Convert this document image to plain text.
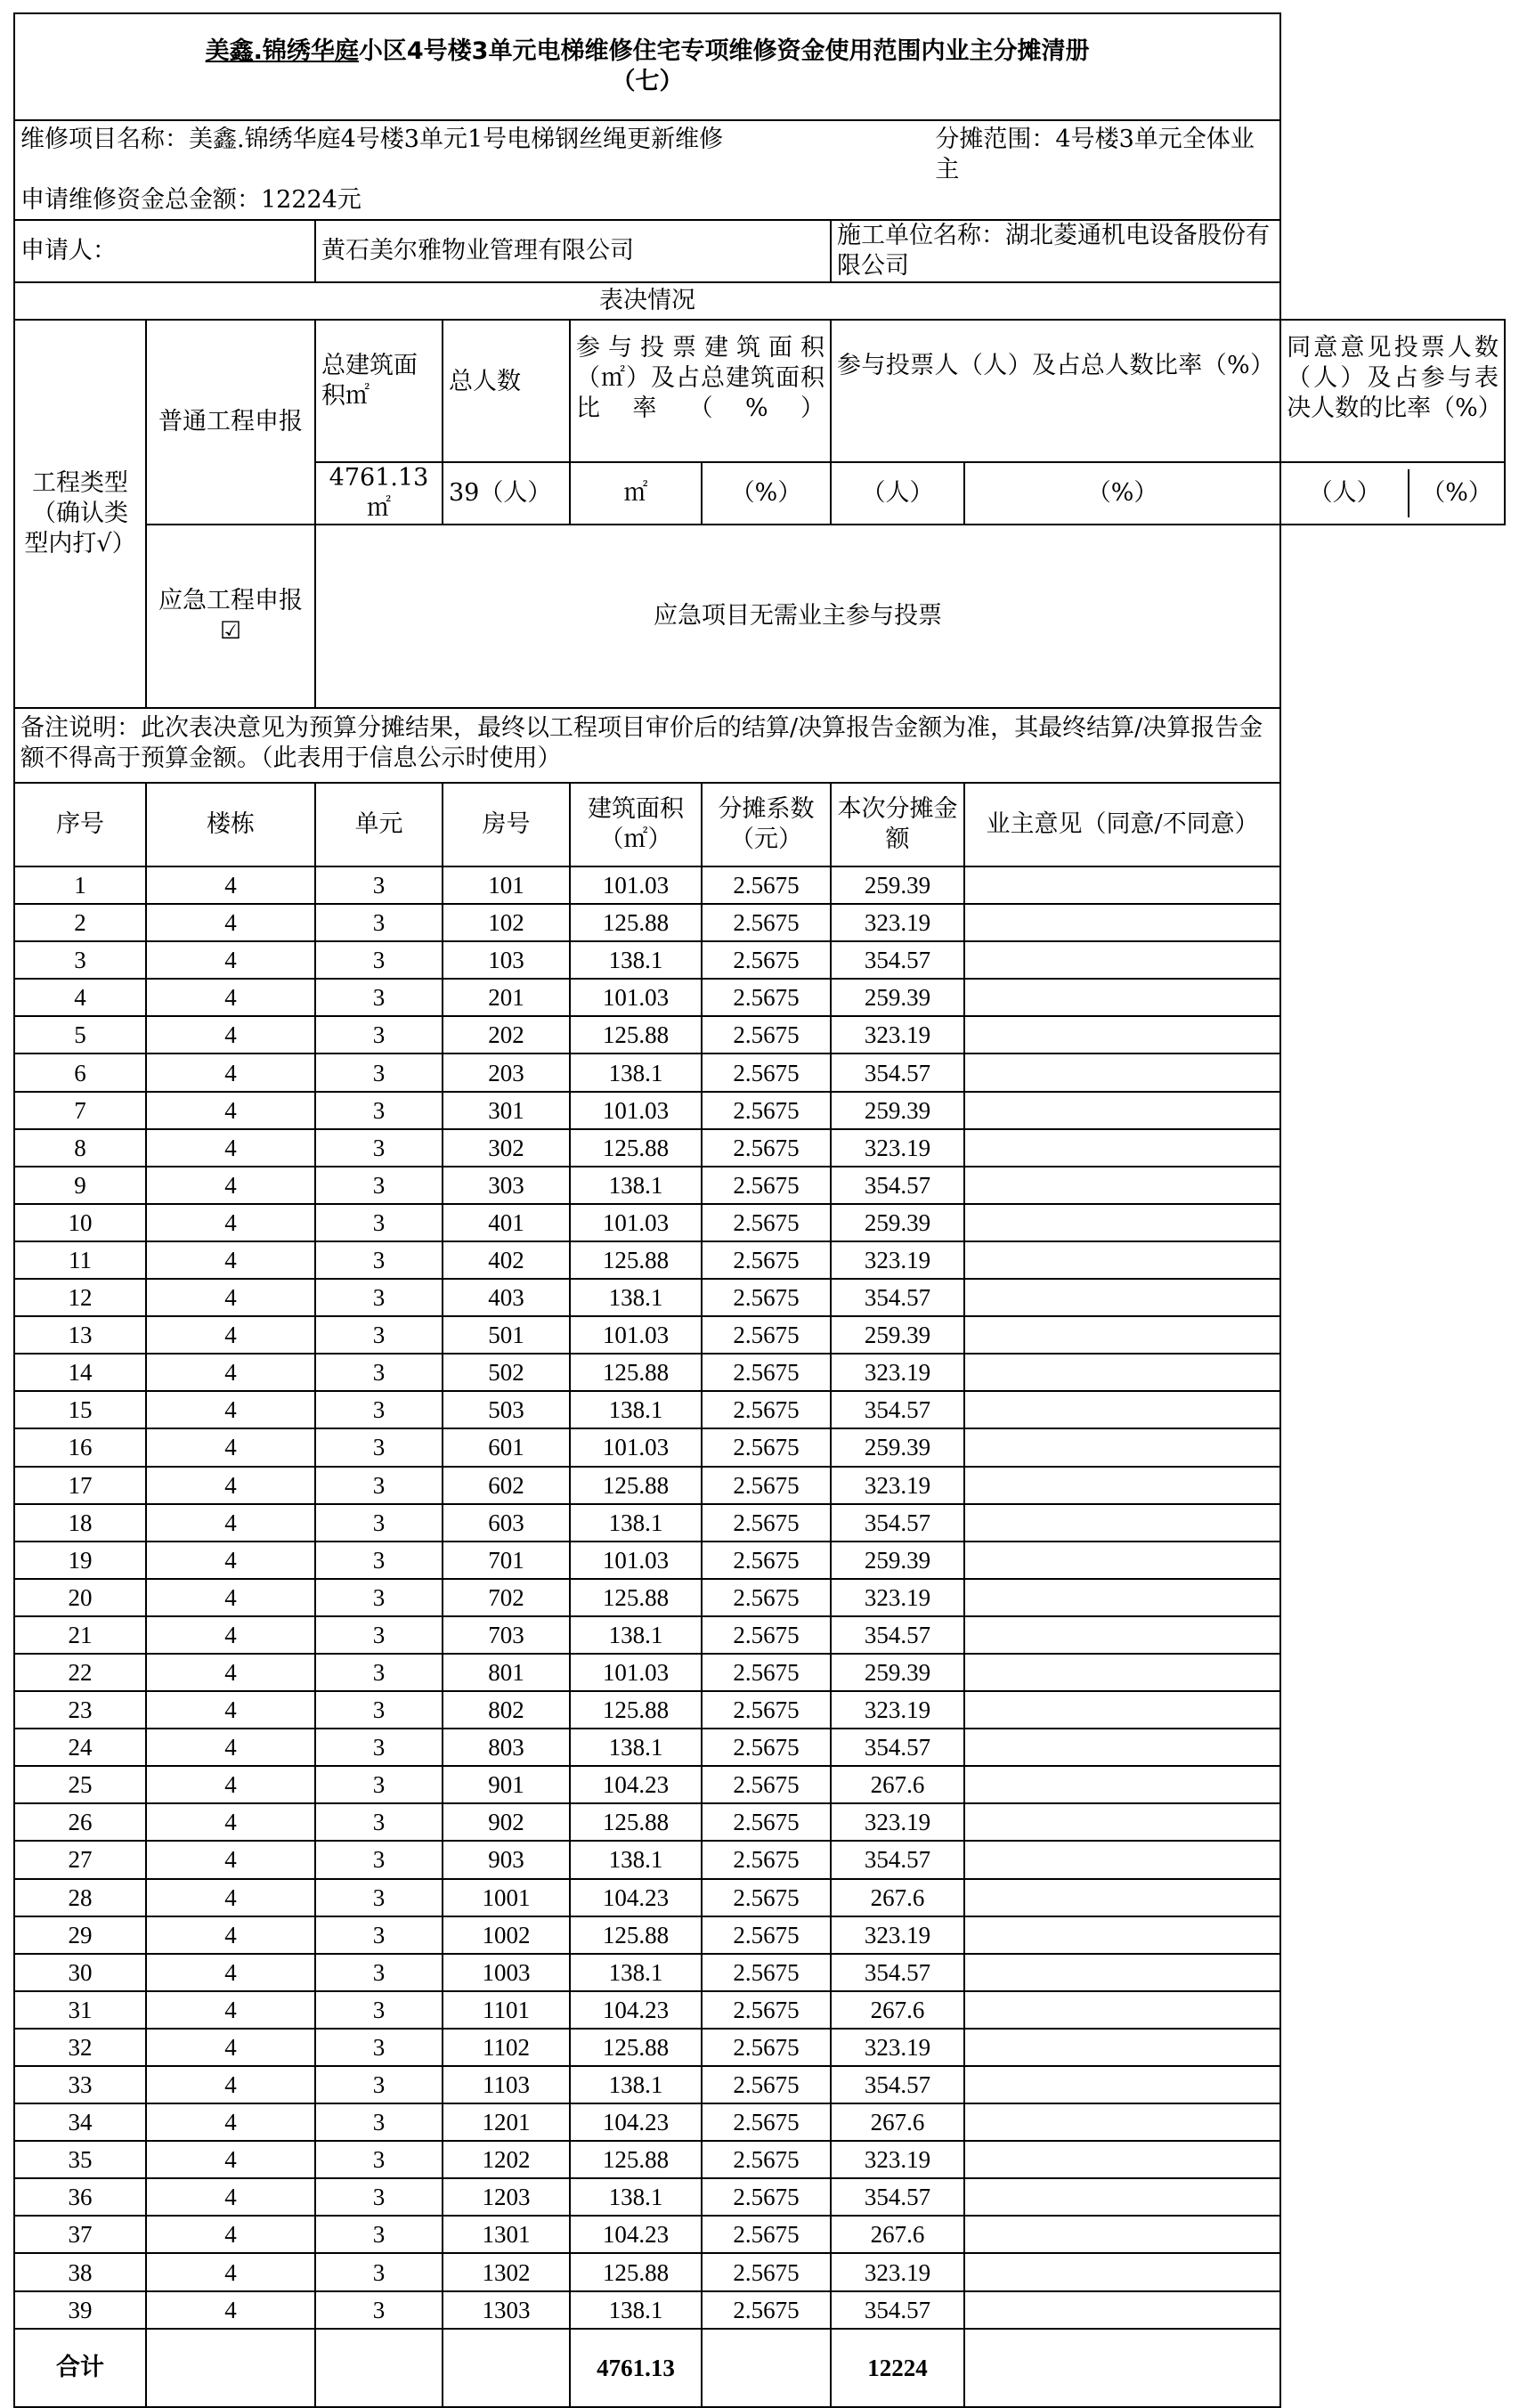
美鑫.锦绣华庭小区4号楼3单元电梯维修住宅专项维修资金使用范围内业主分摊清册
（七）								

维修项目名称：美鑫.锦绣华庭4号楼3单元1号电梯钢丝绳更新维修 分摊范围：4号楼3单元全体业主
申请维修资金总金额：12224元								

申请人：		黄石美尔雅物业管理有限公司				施工单位名称：湖北菱通机电设备股份有限公司		
表决情况								
工程类型（确认类型内打√）	普通工程申报	总建筑面积㎡	总人数	参与投票建筑面积（㎡）及占总建筑面积比率（%）		参与投票人（人）及占总人数比率（%）		同意意见投票人数（人）及占参与表决人数的比率（%）
		4761.13㎡	39（人）	㎡	（%）	（人）	（%）	（人） （%）

	应急工程申报☑	应急项目无需业主参与投票						
备注说明：此次表决意见为预算分摊结果，最终以工程项目审价后的结算/决算报告金额为准，其最终结算/决算报告金额不得高于预算金额。（此表用于信息公示时使用）								
序号	楼栋	单元	房号	建筑面积（㎡）	分摊系数（元）	本次分摊金额	业主意见（同意/不同意）	
1	4	3	101	101.03	2.5675	259.39		
2	4	3	102	125.88	2.5675	323.19		
3	4	3	103	138.1	2.5675	354.57		
4	4	3	201	101.03	2.5675	259.39		
5	4	3	202	125.88	2.5675	323.19		
6	4	3	203	138.1	2.5675	354.57		
7	4	3	301	101.03	2.5675	259.39		
8	4	3	302	125.88	2.5675	323.19		
9	4	3	303	138.1	2.5675	354.57		
10	4	3	401	101.03	2.5675	259.39		
11	4	3	402	125.88	2.5675	323.19		
12	4	3	403	138.1	2.5675	354.57		
13	4	3	501	101.03	2.5675	259.39		
14	4	3	502	125.88	2.5675	323.19		
15	4	3	503	138.1	2.5675	354.57		
16	4	3	601	101.03	2.5675	259.39		
17	4	3	602	125.88	2.5675	323.19		
18	4	3	603	138.1	2.5675	354.57		
19	4	3	701	101.03	2.5675	259.39		
20	4	3	702	125.88	2.5675	323.19		
21	4	3	703	138.1	2.5675	354.57		
22	4	3	801	101.03	2.5675	259.39		
23	4	3	802	125.88	2.5675	323.19		
24	4	3	803	138.1	2.5675	354.57		
25	4	3	901	104.23	2.5675	267.6		
26	4	3	902	125.88	2.5675	323.19		
27	4	3	903	138.1	2.5675	354.57		
28	4	3	1001	104.23	2.5675	267.6		
29	4	3	1002	125.88	2.5675	323.19		
30	4	3	1003	138.1	2.5675	354.57		
31	4	3	1101	104.23	2.5675	267.6		
32	4	3	1102	125.88	2.5675	323.19		
33	4	3	1103	138.1	2.5675	354.57		
34	4	3	1201	104.23	2.5675	267.6		
35	4	3	1202	125.88	2.5675	323.19		
36	4	3	1203	138.1	2.5675	354.57		
37	4	3	1301	104.23	2.5675	267.6		
38	4	3	1302	125.88	2.5675	323.19		
39	4	3	1303	138.1	2.5675	354.57		
合计				4761.13		12224		
